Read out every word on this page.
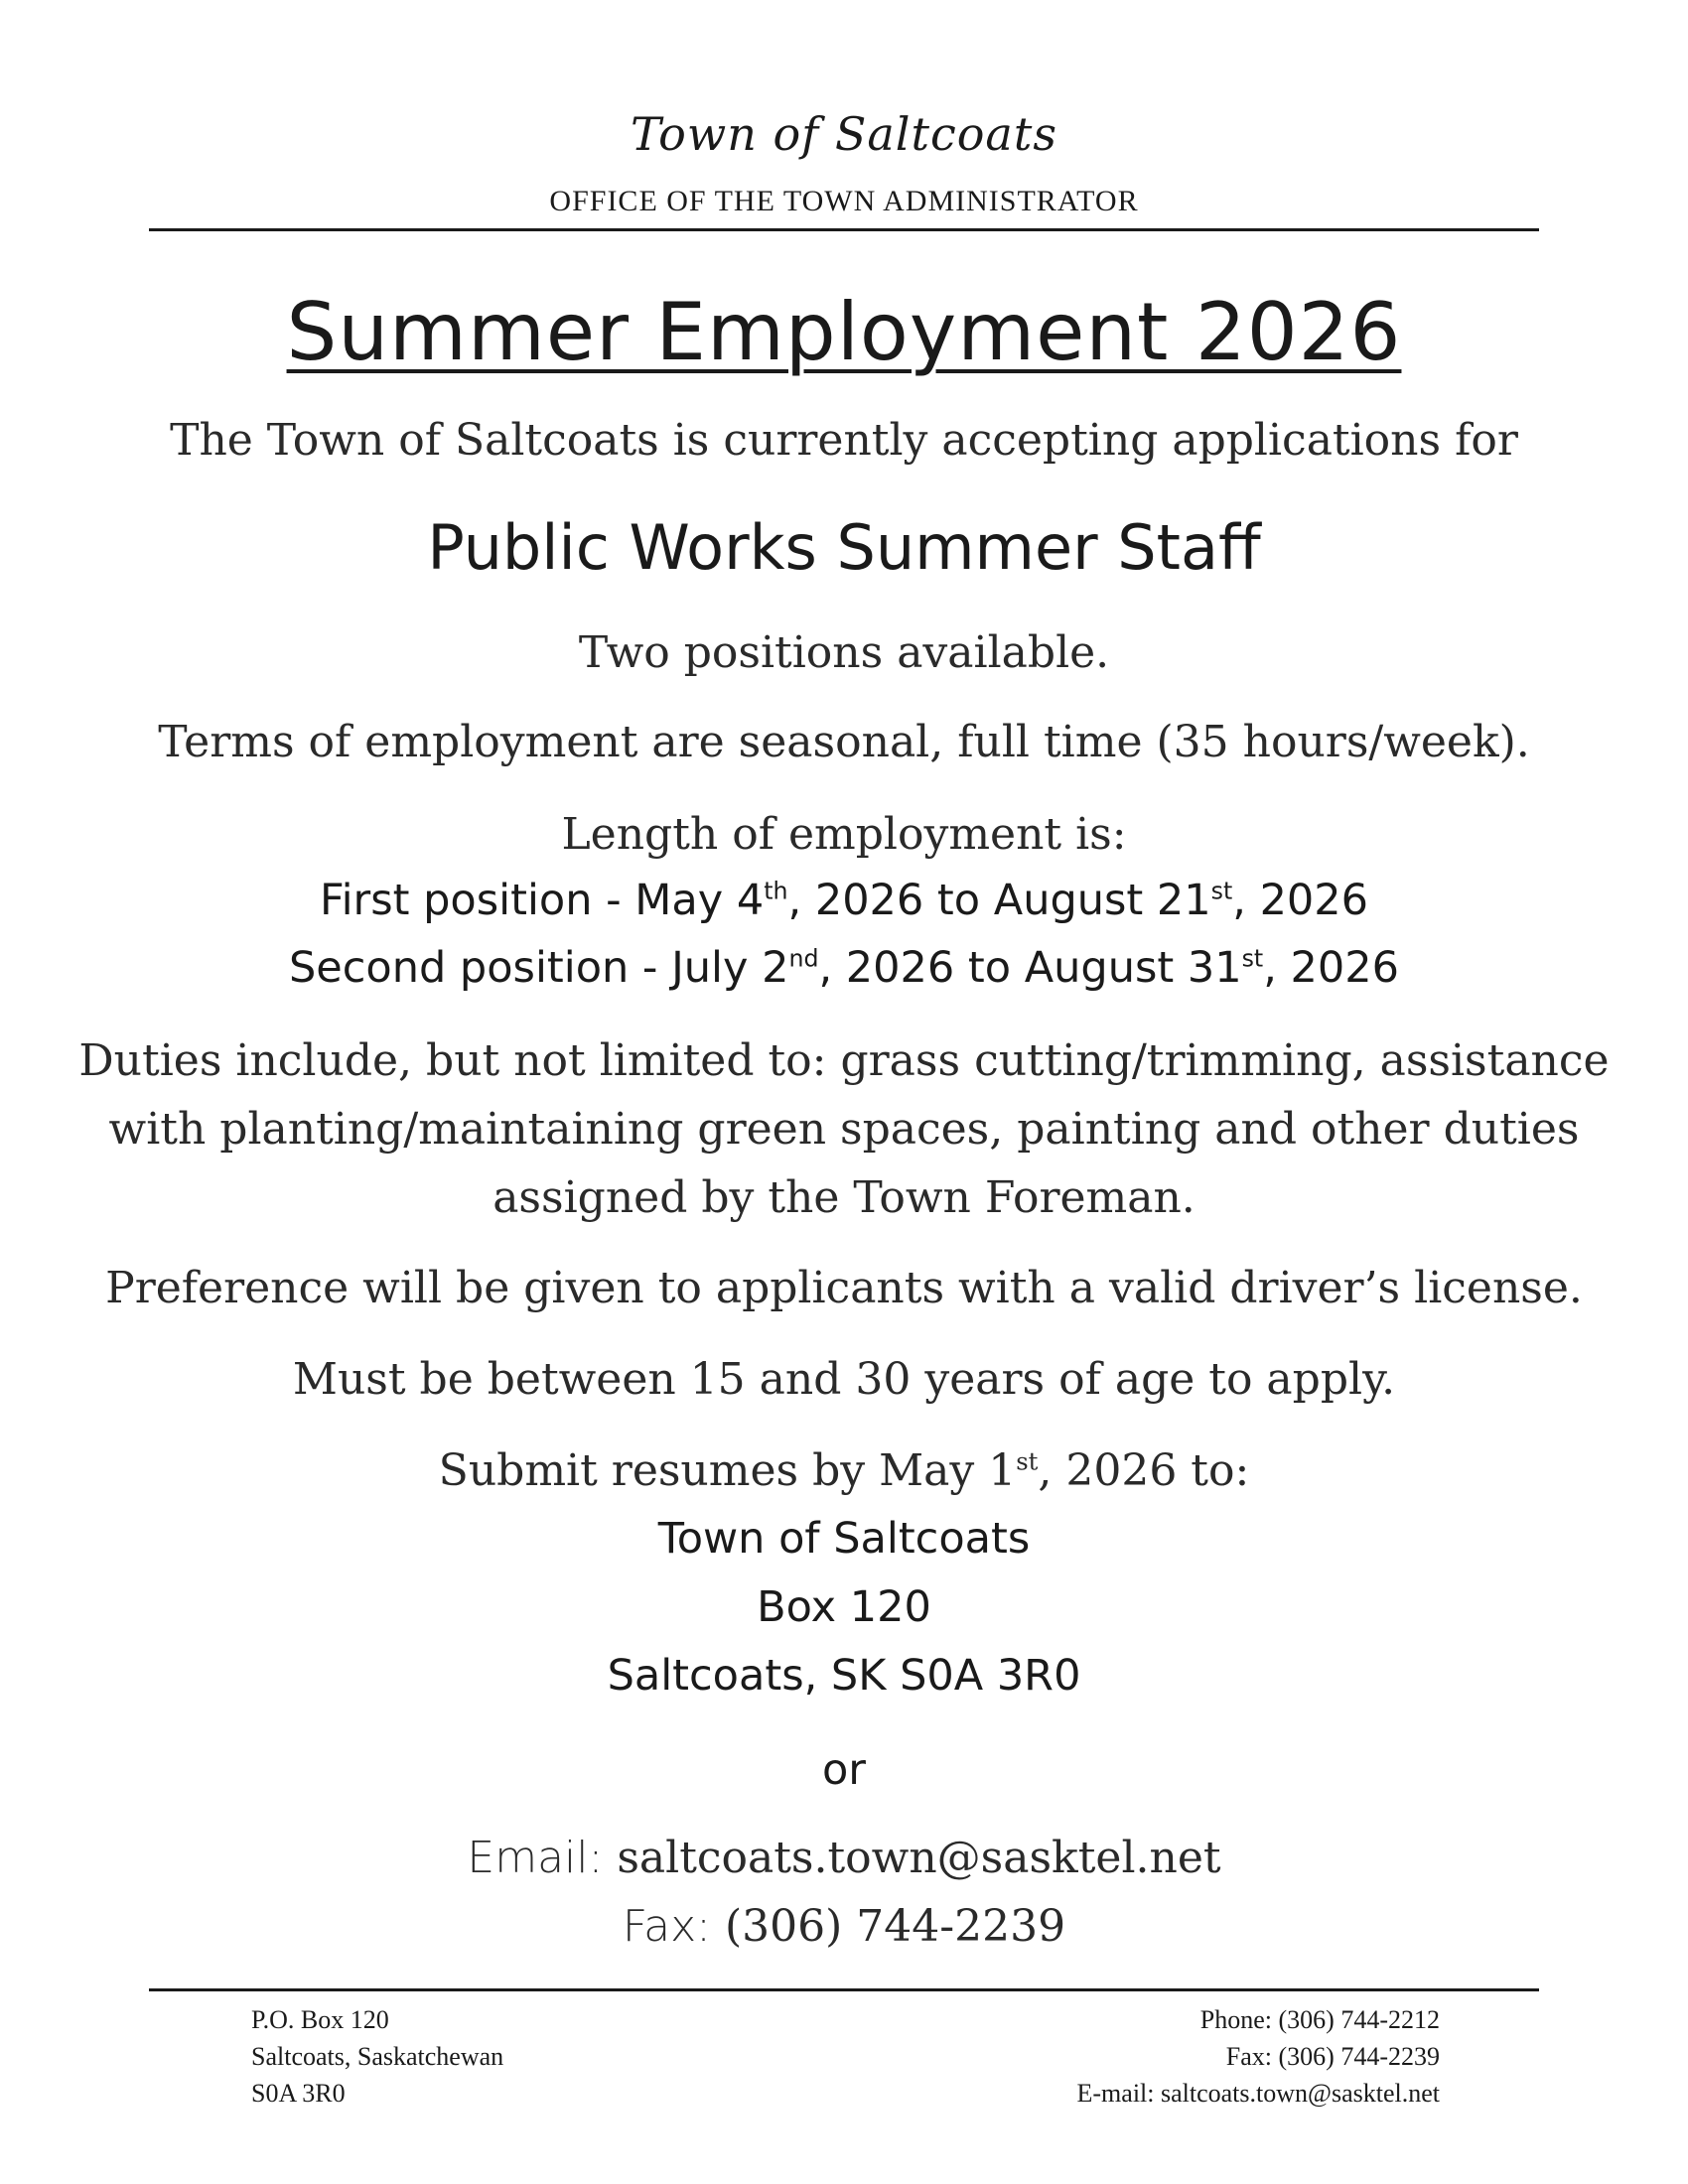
Town of Saltcoats
OFFICE OF THE TOWN ADMINISTRATOR
Summer Employment 2026
The Town of Saltcoats is currently accepting applications for
Public Works Summer Staff
Two positions available.
Terms of employment are seasonal, full time (35 hours/week).
Length of employment is:
First position - May 4th, 2026 to August 21st, 2026
Second position - July 2nd, 2026 to August 31st, 2026
Duties include, but not limited to: grass cutting/trimming, assistance
with planting/maintaining green spaces, painting and other duties
assigned by the Town Foreman.
Preference will be given to applicants with a valid driver’s license.
Must be between 15 and 30 years of age to apply.
Submit resumes by May 1st, 2026 to:
Town of Saltcoats
Box 120
Saltcoats, SK S0A 3R0
or
Email: saltcoats.town@sasktel.net
Fax: (306) 744-2239
P.O. Box 120
Saltcoats, Saskatchewan
S0A 3R0
Phone: (306) 744-2212
Fax: (306) 744-2239
E-mail: saltcoats.town@sasktel.net
